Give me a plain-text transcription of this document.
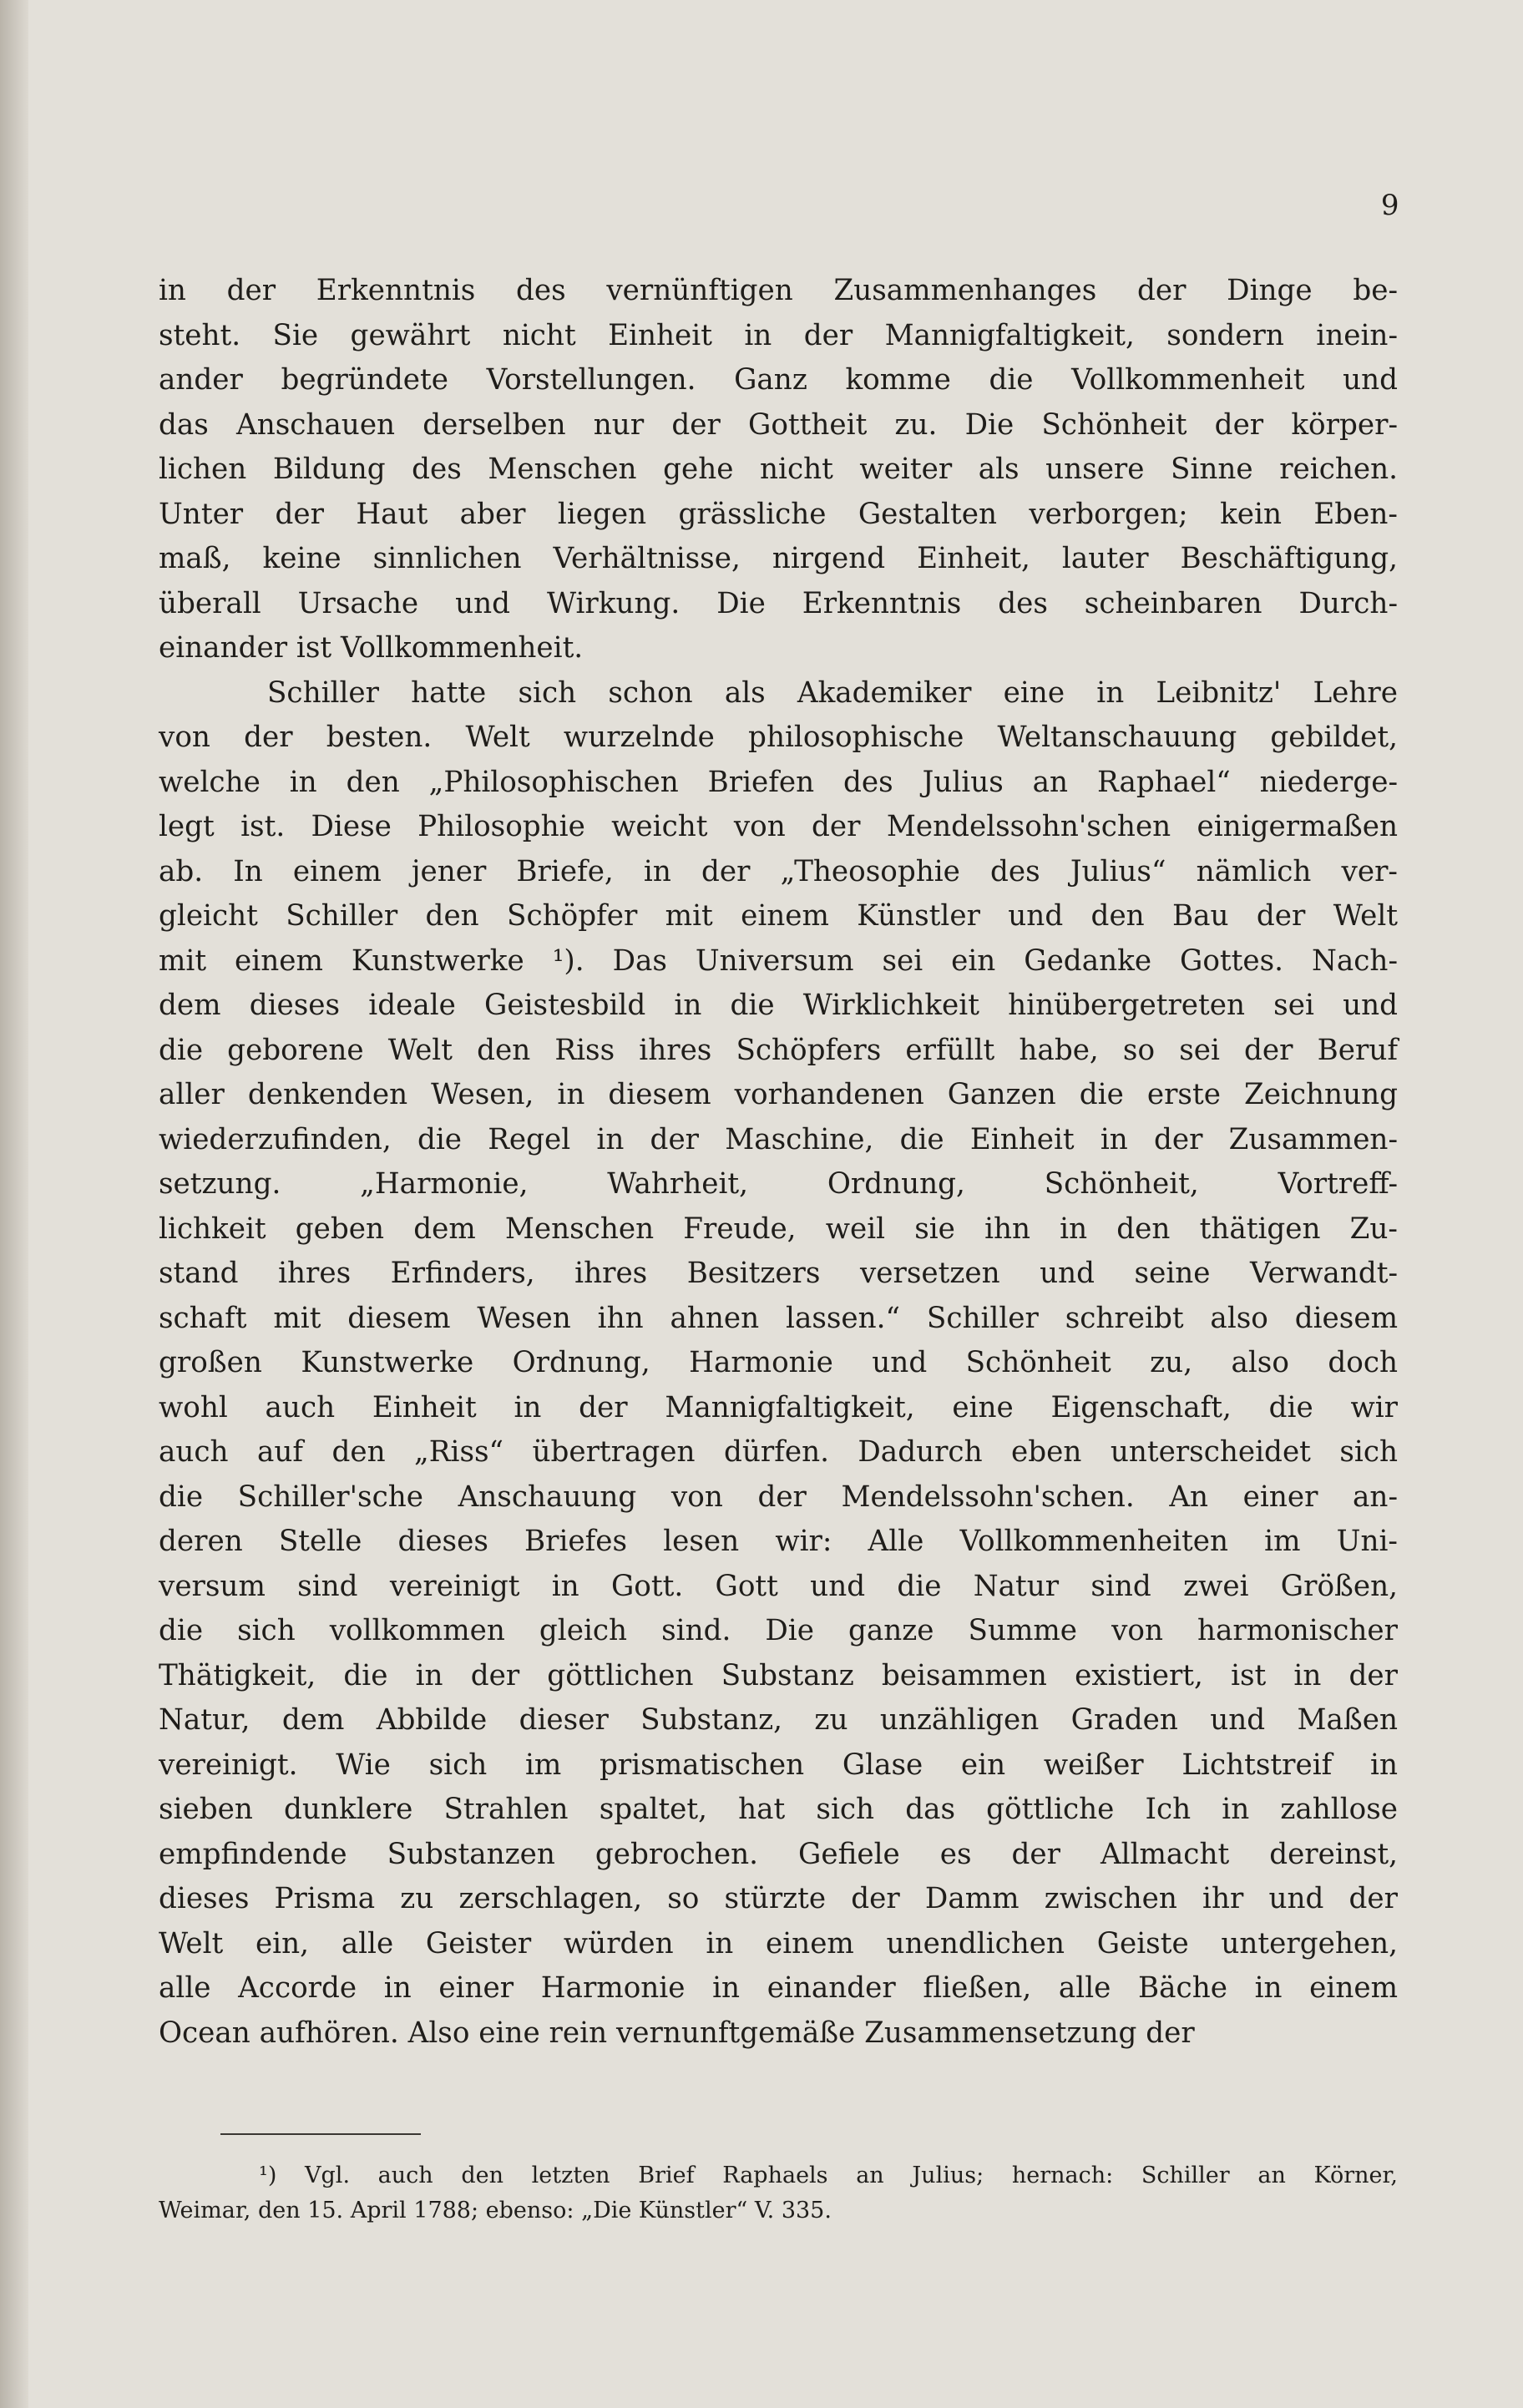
9
in der Erkenntnis des vernünftigen Zusammenhanges der Dinge be-
steht. Sie gewährt nicht Einheit in der Mannigfaltigkeit, sondern inein-
ander begründete Vorstellungen. Ganz komme die Vollkommenheit und
das Anschauen derselben nur der Gottheit zu. Die Schönheit der körper-
lichen Bildung des Menschen gehe nicht weiter als unsere Sinne reichen.
Unter der Haut aber liegen grässliche Gestalten verborgen; kein Eben-
maß, keine sinnlichen Verhältnisse, nirgend Einheit, lauter Beschäftigung,
überall Ursache und Wirkung. Die Erkenntnis des scheinbaren Durch-
einander ist Vollkommenheit.
Schiller hatte sich schon als Akademiker eine in Leibnitz' Lehre
von der besten. Welt wurzelnde philosophische Weltanschauung gebildet,
welche in den „Philosophischen Briefen des Julius an Raphael“ niederge-
legt ist. Diese Philosophie weicht von der Mendelssohn'schen einigermaßen
ab. In einem jener Briefe, in der „Theosophie des Julius“ nämlich ver-
gleicht Schiller den Schöpfer mit einem Künstler und den Bau der Welt
mit einem Kunstwerke ¹). Das Universum sei ein Gedanke Gottes. Nach-
dem dieses ideale Geistesbild in die Wirklichkeit hinübergetreten sei und
die geborene Welt den Riss ihres Schöpfers erfüllt habe, so sei der Beruf
aller denkenden Wesen, in diesem vorhandenen Ganzen die erste Zeichnung
wiederzufinden, die Regel in der Maschine, die Einheit in der Zusammen-
setzung. „Harmonie, Wahrheit, Ordnung, Schönheit, Vortreff-
lichkeit geben dem Menschen Freude, weil sie ihn in den thätigen Zu-
stand ihres Erfinders, ihres Besitzers versetzen und seine Verwandt-
schaft mit diesem Wesen ihn ahnen lassen.“ Schiller schreibt also diesem
großen Kunstwerke Ordnung, Harmonie und Schönheit zu, also doch
wohl auch Einheit in der Mannigfaltigkeit, eine Eigenschaft, die wir
auch auf den „Riss“ übertragen dürfen. Dadurch eben unterscheidet sich
die Schiller'sche Anschauung von der Mendelssohn'schen. An einer an-
deren Stelle dieses Briefes lesen wir: Alle Vollkommenheiten im Uni-
versum sind vereinigt in Gott. Gott und die Natur sind zwei Größen,
die sich vollkommen gleich sind. Die ganze Summe von harmonischer
Thätigkeit, die in der göttlichen Substanz beisammen existiert, ist in der
Natur, dem Abbilde dieser Substanz, zu unzähligen Graden und Maßen
vereinigt. Wie sich im prismatischen Glase ein weißer Lichtstreif in
sieben dunklere Strahlen spaltet, hat sich das göttliche Ich in zahllose
empfindende Substanzen gebrochen. Gefiele es der Allmacht dereinst,
dieses Prisma zu zerschlagen, so stürzte der Damm zwischen ihr und der
Welt ein, alle Geister würden in einem unendlichen Geiste untergehen,
alle Accorde in einer Harmonie in einander fließen, alle Bäche in einem
Ocean aufhören. Also eine rein vernunftgemäße Zusammensetzung der
¹) Vgl. auch den letzten Brief Raphaels an Julius; hernach: Schiller an Körner,
Weimar, den 15. April 1788; ebenso: „Die Künstler“ V. 335.
